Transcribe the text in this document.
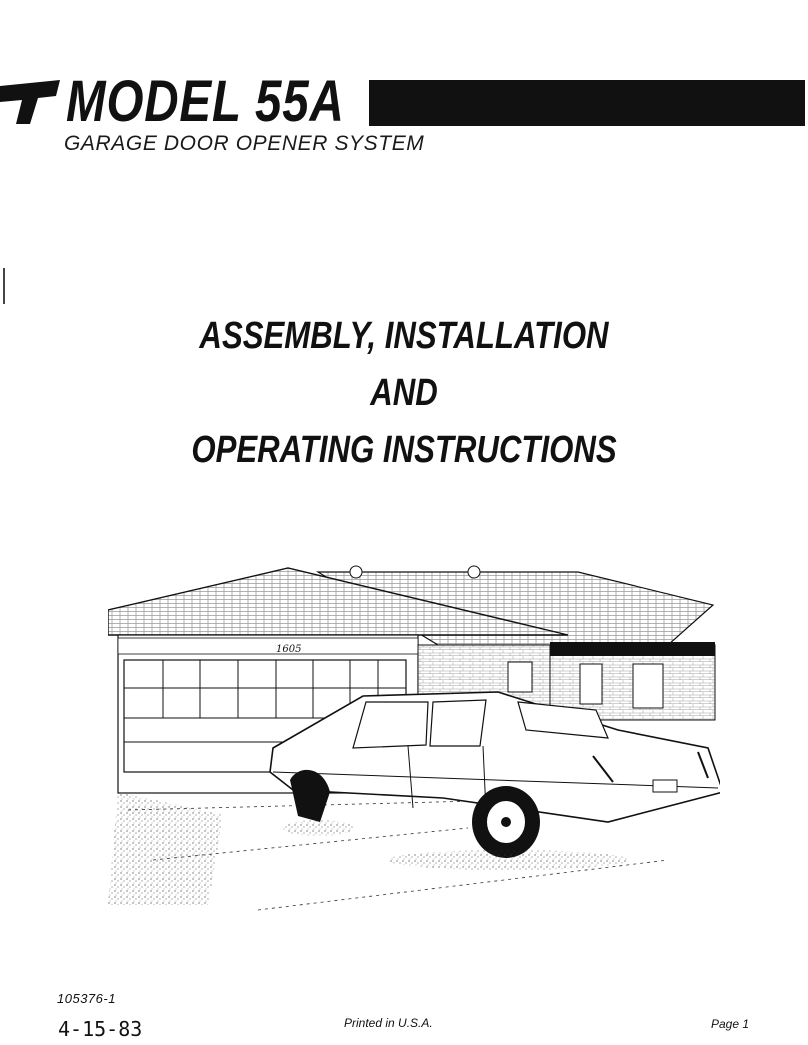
MODEL 55A
GARAGE DOOR OPENER SYSTEM
ASSEMBLY, INSTALLATION
AND
OPERATING INSTRUCTIONS
1605
105376-1
4-15-83	Printed in U.S.A.	Page 1
